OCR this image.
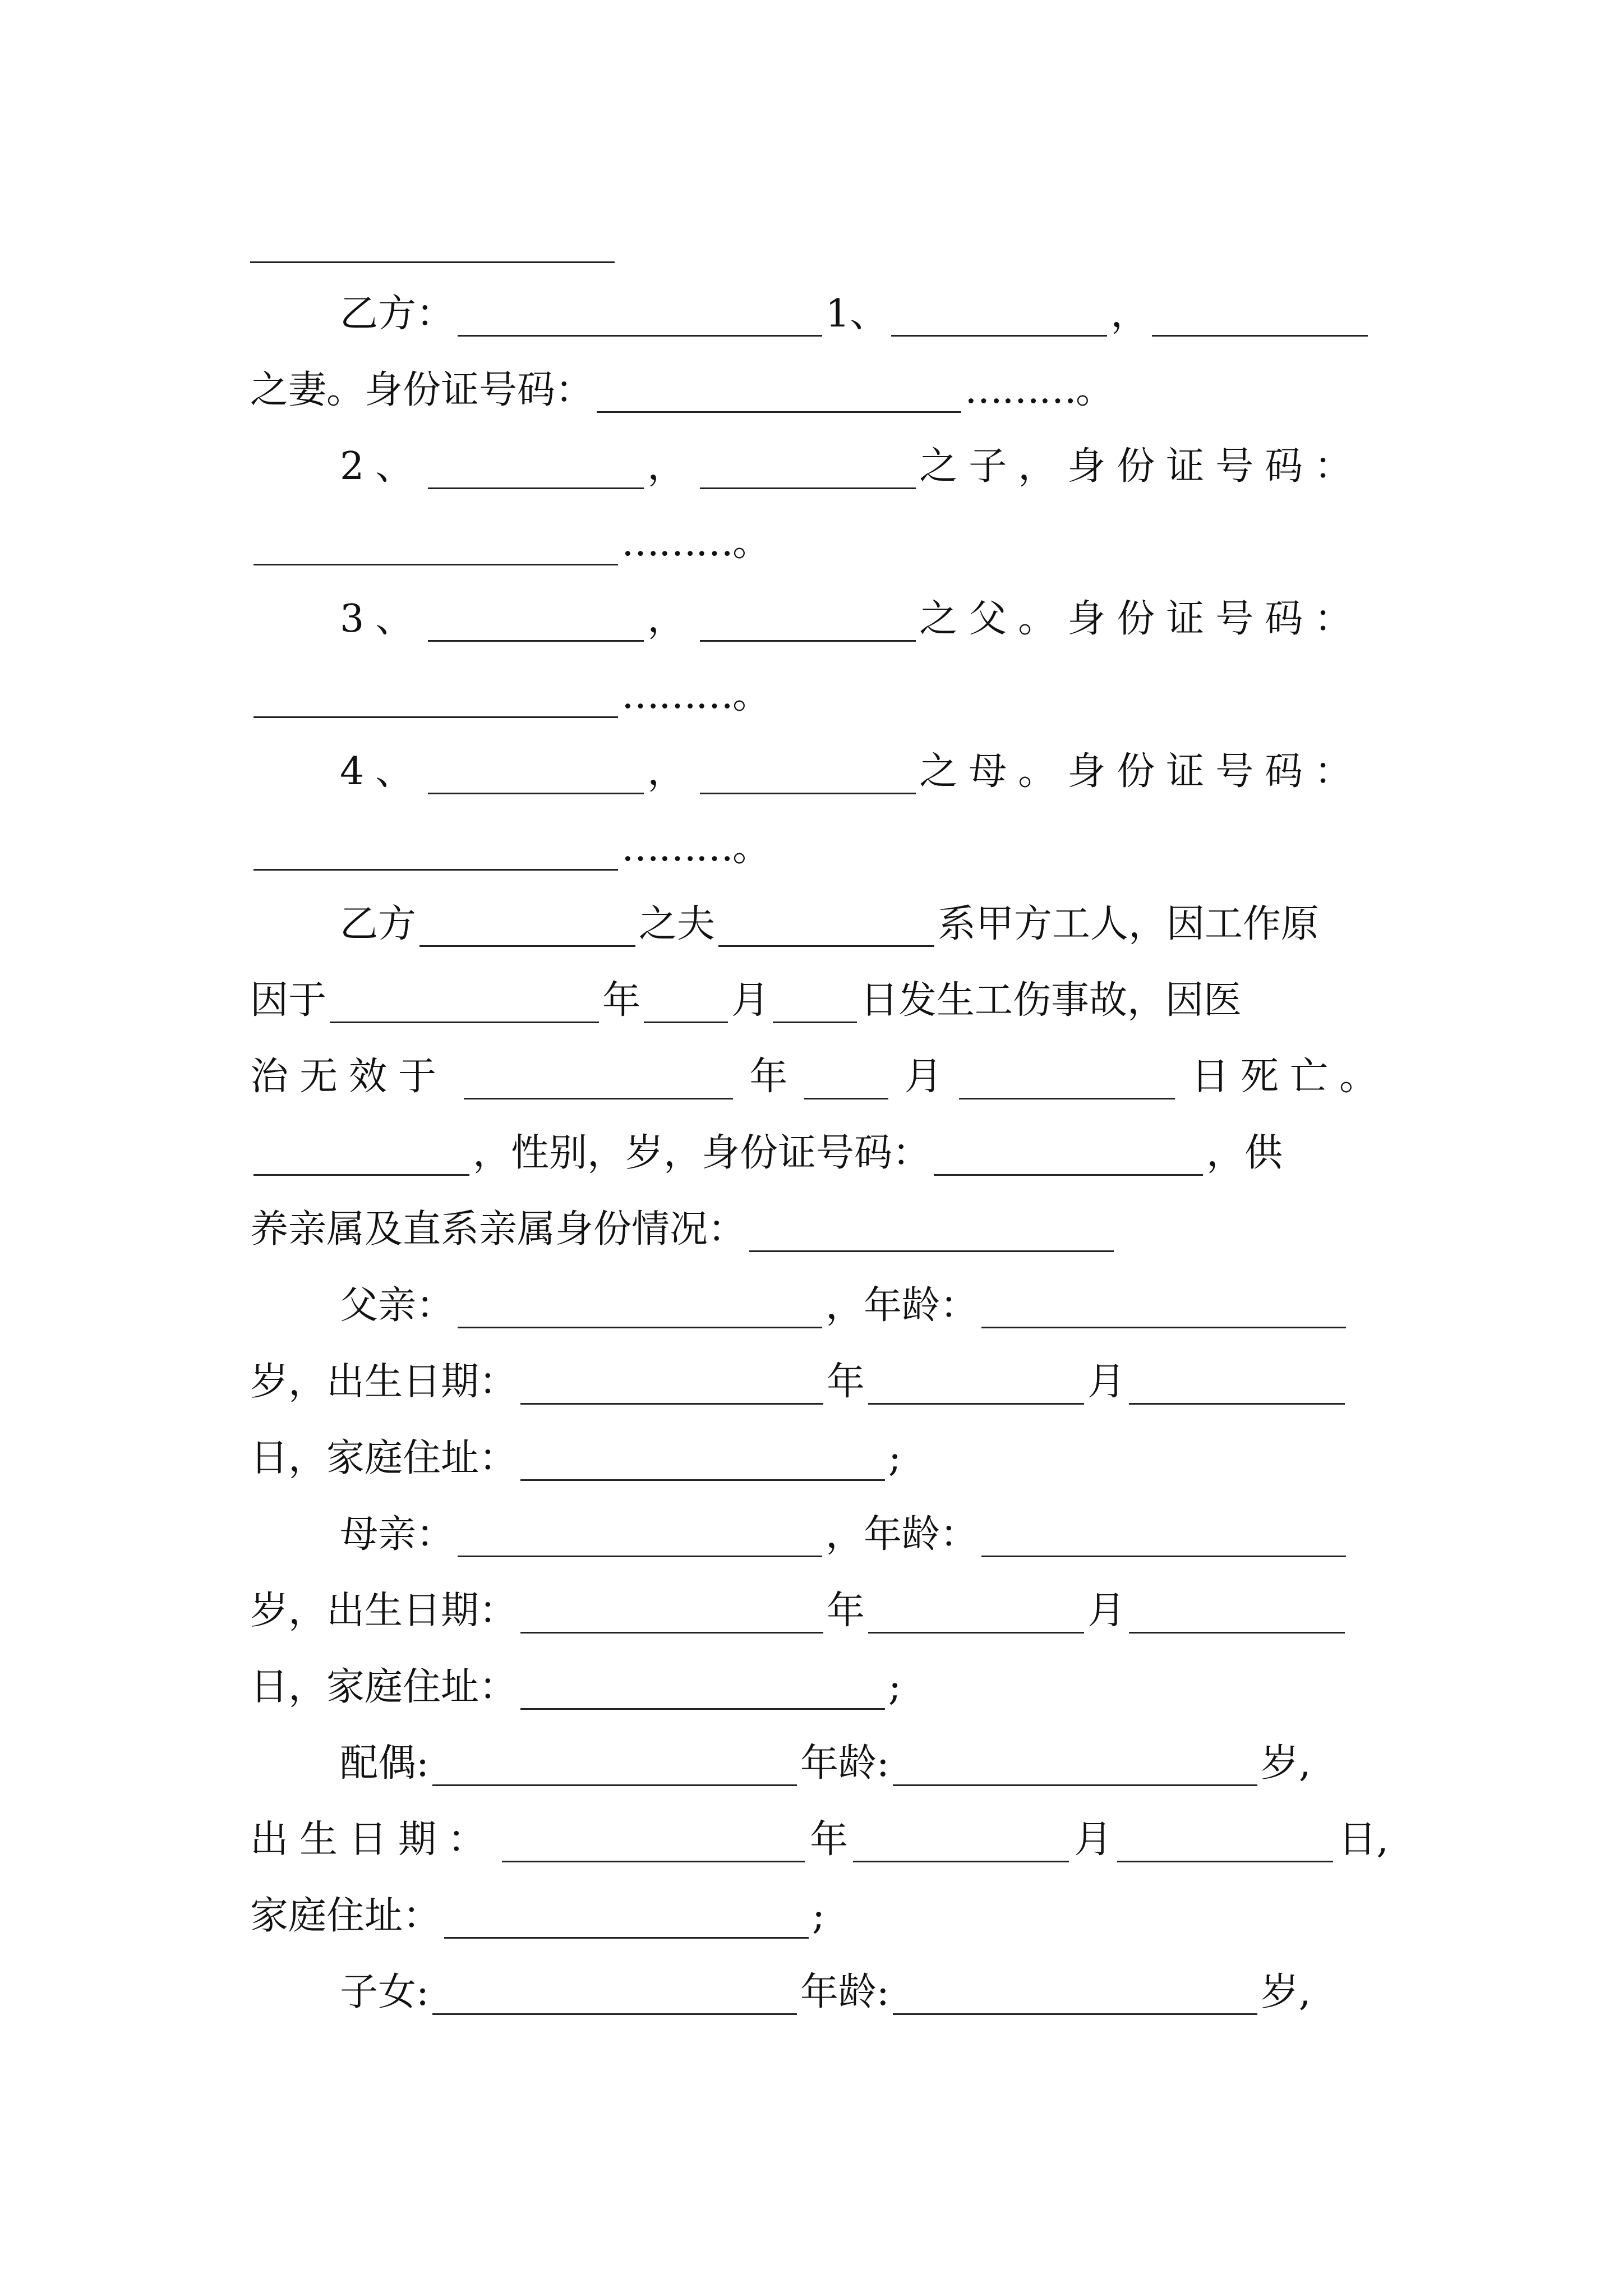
乙方：	1、	，
之妻。身份证号码：	……… 。
2、	，	之子，身份证号码：
……… 。
3、	，	之父。身份证号码：
……… 。
4、	，	之母。身份证号码：
……… 。
乙方	之夫	系甲方工人，因工作原
因于	年 月 日发生工伤事故，因医
治无效于	年	月	日死亡。
，性别，岁，身份证号码：	，供
养亲属及直系亲属身份情况：
父亲：	，年龄：
岁，出生日期：	年	月
日，家庭住址：	;
母亲：	，年龄：
岁，出生日期：	年	月
日，家庭住址：	;
配偶:	年龄:	岁,
出生日期：	年	月	日,
家庭住址：	;
子女:	年龄:	岁,
